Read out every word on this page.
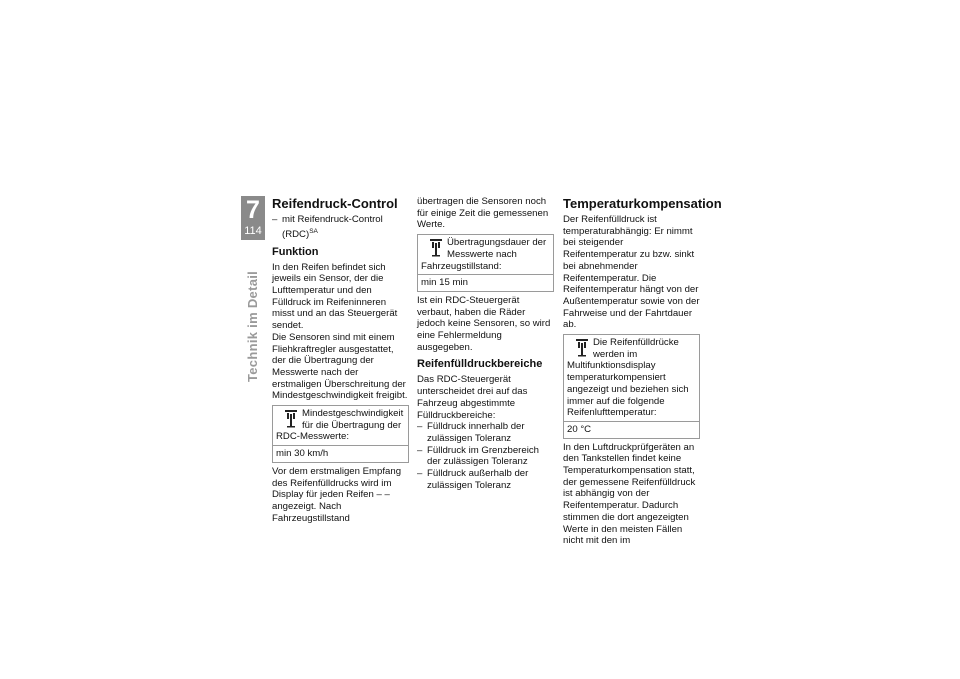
7
114
Technik im Detail
Reifendruck-Control
– mit Reifendruck-Control (RDC)$^{SA}$
Funktion

In den Reifen befindet sich jeweils ein Sensor, der die Lufttemperatur und den Fülldruck im Reifeninneren misst und an das Steuergerät sendet.

Die Sensoren sind mit einem Fliehkraftregler ausgestattet, der die Übertragung der Messwerte nach der erstmaligen Überschreitung der Mindestgeschwindigkeit freigibt.

Mindestgeschwindigkeit für die Übertragung der RDC-Messwerte:
min 30 km/h

Vor dem erstmaligen Empfang des Reifenfülldrucks wird im Display für jeden Reifen – – angezeigt. Nach Fahrzeugstillstand

übertragen die Sensoren noch für einige Zeit die gemessenen Werte.

Übertragungsdauer der Messwerte nach Fahrzeugstillstand:
min 15 min

Ist ein RDC-Steuergerät verbaut, haben die Räder jedoch keine Sensoren, so wird eine Fehlermeldung ausgegeben.

Reifenfülldruckbereiche

Das RDC-Steuergerät unterscheidet drei auf das Fahrzeug abgestimmte Fülldruckbereiche:

– Fülldruck innerhalb der zulässigen Toleranz
– Fülldruck im Grenzbereich der zulässigen Toleranz
– Fülldruck außerhalb der zulässigen Toleranz
Temperaturkompensation

Der Reifenfülldruck ist temperaturabhängig: Er nimmt bei steigender Reifentemperatur zu bzw. sinkt bei abnehmender Reifentemperatur. Die Reifentemperatur hängt von der Außentemperatur sowie von der Fahrweise und der Fahrtdauer ab.

Die Reifenfülldrücke werden im Multifunktionsdisplay temperaturkompensiert angezeigt und beziehen sich immer auf die folgende Reifenlufttemperatur:
20 °C

In den Luftdruckprüfgeräten an den Tankstellen findet keine Temperaturkompensation statt, der gemessene Reifenfülldruck ist abhängig von der Reifentemperatur. Dadurch stimmen die dort angezeigten Werte in den meisten Fällen nicht mit den im
